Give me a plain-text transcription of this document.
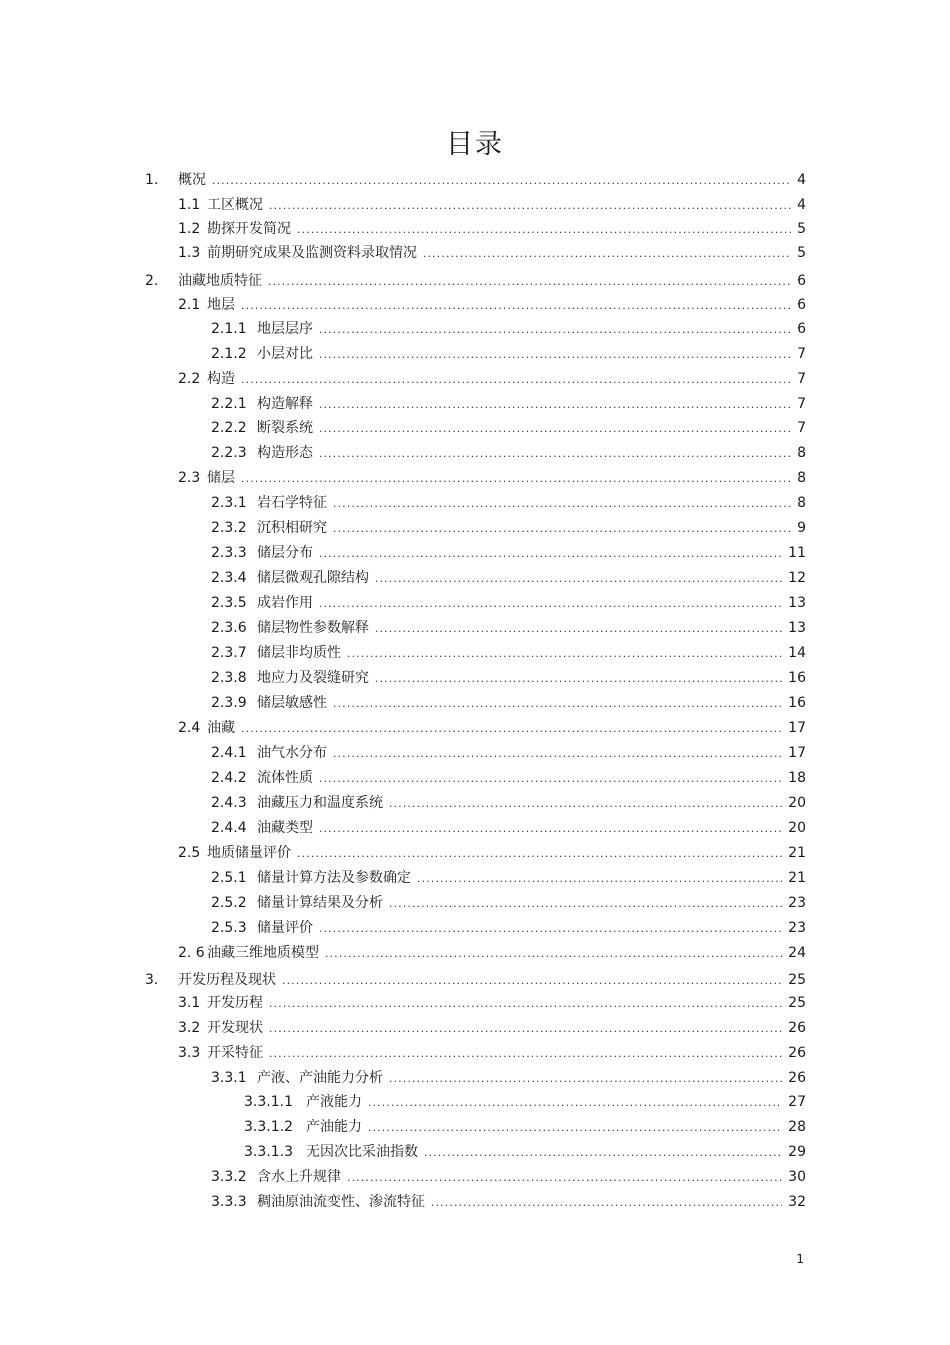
目录
1.	概况 . . .	4
1.1 工区概况 . . .	4
1.2 勘探开发简况 . . .	5
1.3 前期研究成果及监测资料录取情况 . . .	5
2.	油藏地质特征 . . .	6
2.1 地层 . . .	6
2.1.1 地层层序 . . .	6
2.1.2 小层对比 . . .	7
2.2 构造 . . .	7
2.2.1 构造解释 . . .	7
2.2.2 断裂系统 . . .	7
2.2.3 构造形态 . . .	8
2.3 储层 . . .	8
2.3.1 岩石学特征 . . .	8
2.3.2 沉积相研究 . . .	9
2.3.3 储层分布 . . .	11
2.3.4 储层微观孔隙结构 . . .	12
2.3.5 成岩作用 . . .	13
2.3.6 储层物性参数解释 . . .	13
2.3.7 储层非均质性 . . .	14
2.3.8 地应力及裂缝研究 . . .	16
2.3.9 储层敏感性 . . .	16
2.4 油藏 . . .	17
2.4.1 油气水分布 . . .	17
2.4.2 流体性质 . . .	18
2.4.3 油藏压力和温度系统 . . .	20
2.4.4 油藏类型 . . .	20
2.5 地质储量评价 . . .	21
2.5.1 储量计算方法及参数确定 . . .	21
2.5.2 储量计算结果及分析 . . .	23
2.5.3 储量评价 . . .	23
2. 6 油藏三维地质模型 . . .	24
3.	开发历程及现状 . . .	25
3.1 开发历程 . . .	25
3.2 开发现状 . . .	26
3.3 开采特征 . . .	26
3.3.1 产液、产油能力分析 . . .	26
3.3.1.1 产液能力 . . .	27
3.3.1.2 产油能力 . . .	28
3.3.1.3 无因次比采油指数 . . .	29
3.3.2 含水上升规律 . . .	30
3.3.3 稠油原油流变性、渗流特征 . . .	32
1
